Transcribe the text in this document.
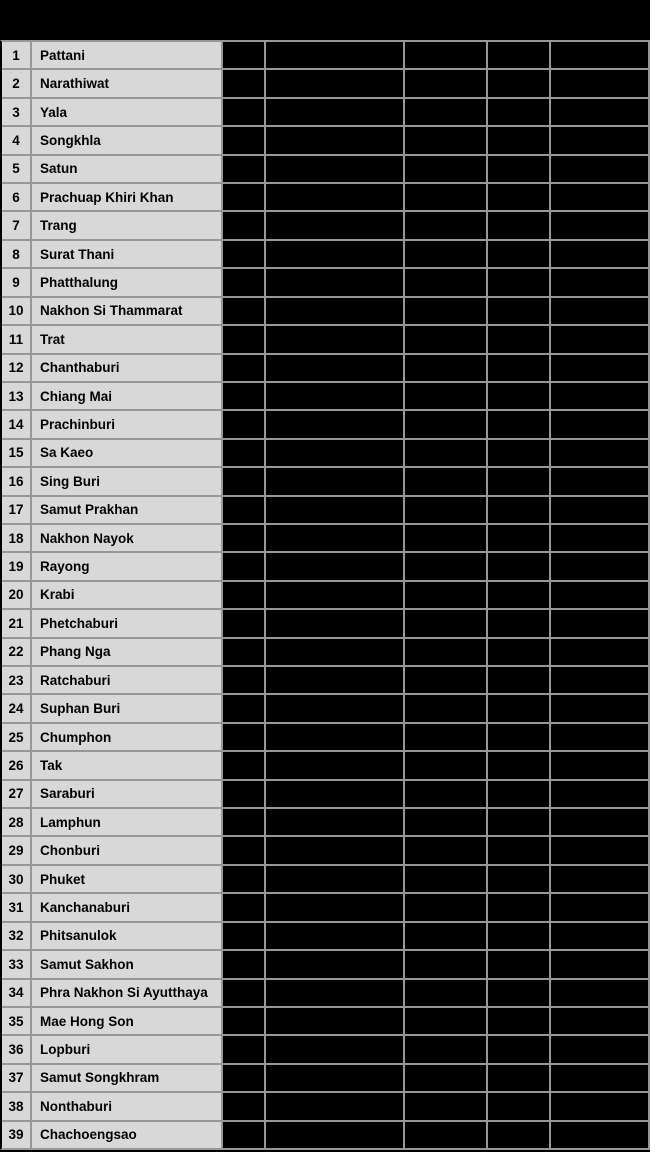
1	Pattani
2	Narathiwat
3	Yala
4	Songkhla
5	Satun
6	Prachuap Khiri Khan
7	Trang
8	Surat Thani
9	Phatthalung
10	Nakhon Si Thammarat
11	Trat
12	Chanthaburi
13	Chiang Mai
14	Prachinburi
15	Sa Kaeo
16	Sing Buri
17	Samut Prakhan
18	Nakhon Nayok
19	Rayong
20	Krabi
21	Phetchaburi
22	Phang Nga
23	Ratchaburi
24	Suphan Buri
25	Chumphon
26	Tak
27	Saraburi
28	Lamphun
29	Chonburi
30	Phuket
31	Kanchanaburi
32	Phitsanulok
33	Samut Sakhon
34	Phra Nakhon Si Ayutthaya
35	Mae Hong Son
36	Lopburi
37	Samut Songkhram
38	Nonthaburi
39	Chachoengsao
